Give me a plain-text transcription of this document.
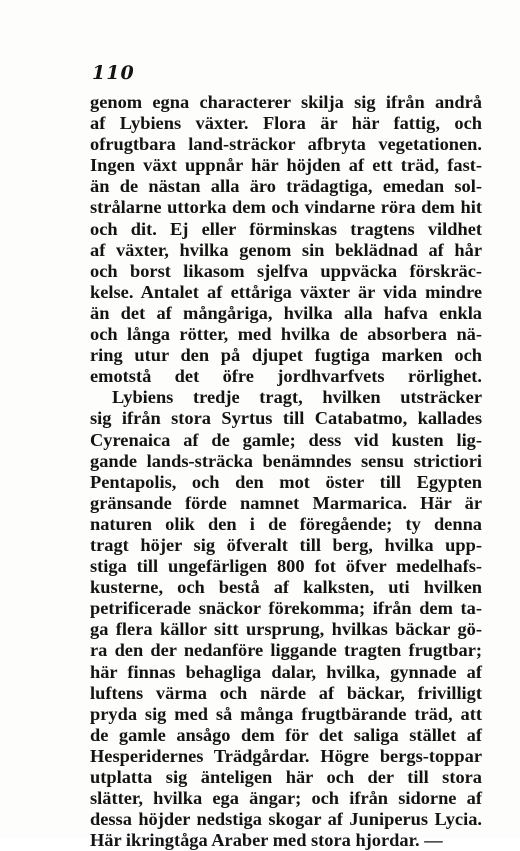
110
genom egna characterer skilja sig ifrån andrå
af Lybiens växter. Flora är här fattig, och
ofrugtbara land-sträckor afbryta vegetationen.
Ingen växt uppnår här höjden af ett träd, fast-
än de nästan alla äro trädagtiga, emedan sol-
strålarne uttorka dem och vindarne röra dem hit
och dit. Ej eller förminskas tragtens vildhet
af växter, hvilka genom sin beklädnad af hår
och borst likasom sjelfva uppväcka förskräc-
kelse. Antalet af ettåriga växter är vida mindre
än det af mångåriga, hvilka alla hafva enkla
och långa rötter, med hvilka de absorbera nä-
ring utur den på djupet fugtiga marken och
emotstå det öfre jordhvarfvets rörlighet.
Lybiens tredje tragt, hvilken utsträcker
sig ifrån stora Syrtus till Catabatmo, kallades
Cyrenaica af de gamle; dess vid kusten lig-
gande lands-sträcka benämndes sensu strictiori
Pentapolis, och den mot öster till Egypten
gränsande förde namnet Marmarica. Här är
naturen olik den i de föregående; ty denna
tragt höjer sig öfveralt till berg, hvilka upp-
stiga till ungefärligen 800 fot öfver medelhafs-
kusterne, och bestå af kalksten, uti hvilken
petrificerade snäckor förekomma; ifrån dem ta-
ga flera källor sitt ursprung, hvilkas bäckar gö-
ra den der nedanföre liggande tragten frugtbar;
här finnas behagliga dalar, hvilka, gynnade af
luftens värma och närde af bäckar, frivilligt
pryda sig med så många frugtbärande träd, att
de gamle ansågo dem för det saliga stället af
Hesperidernes Trädgårdar. Högre bergs-toppar
utplatta sig änteligen här och der till stora
slätter, hvilka ega ängar; och ifrån sidorne af
dessa höjder nedstiga skogar af Juniperus Lycia.
Här ikringtåga Araber med stora hjordar. —
